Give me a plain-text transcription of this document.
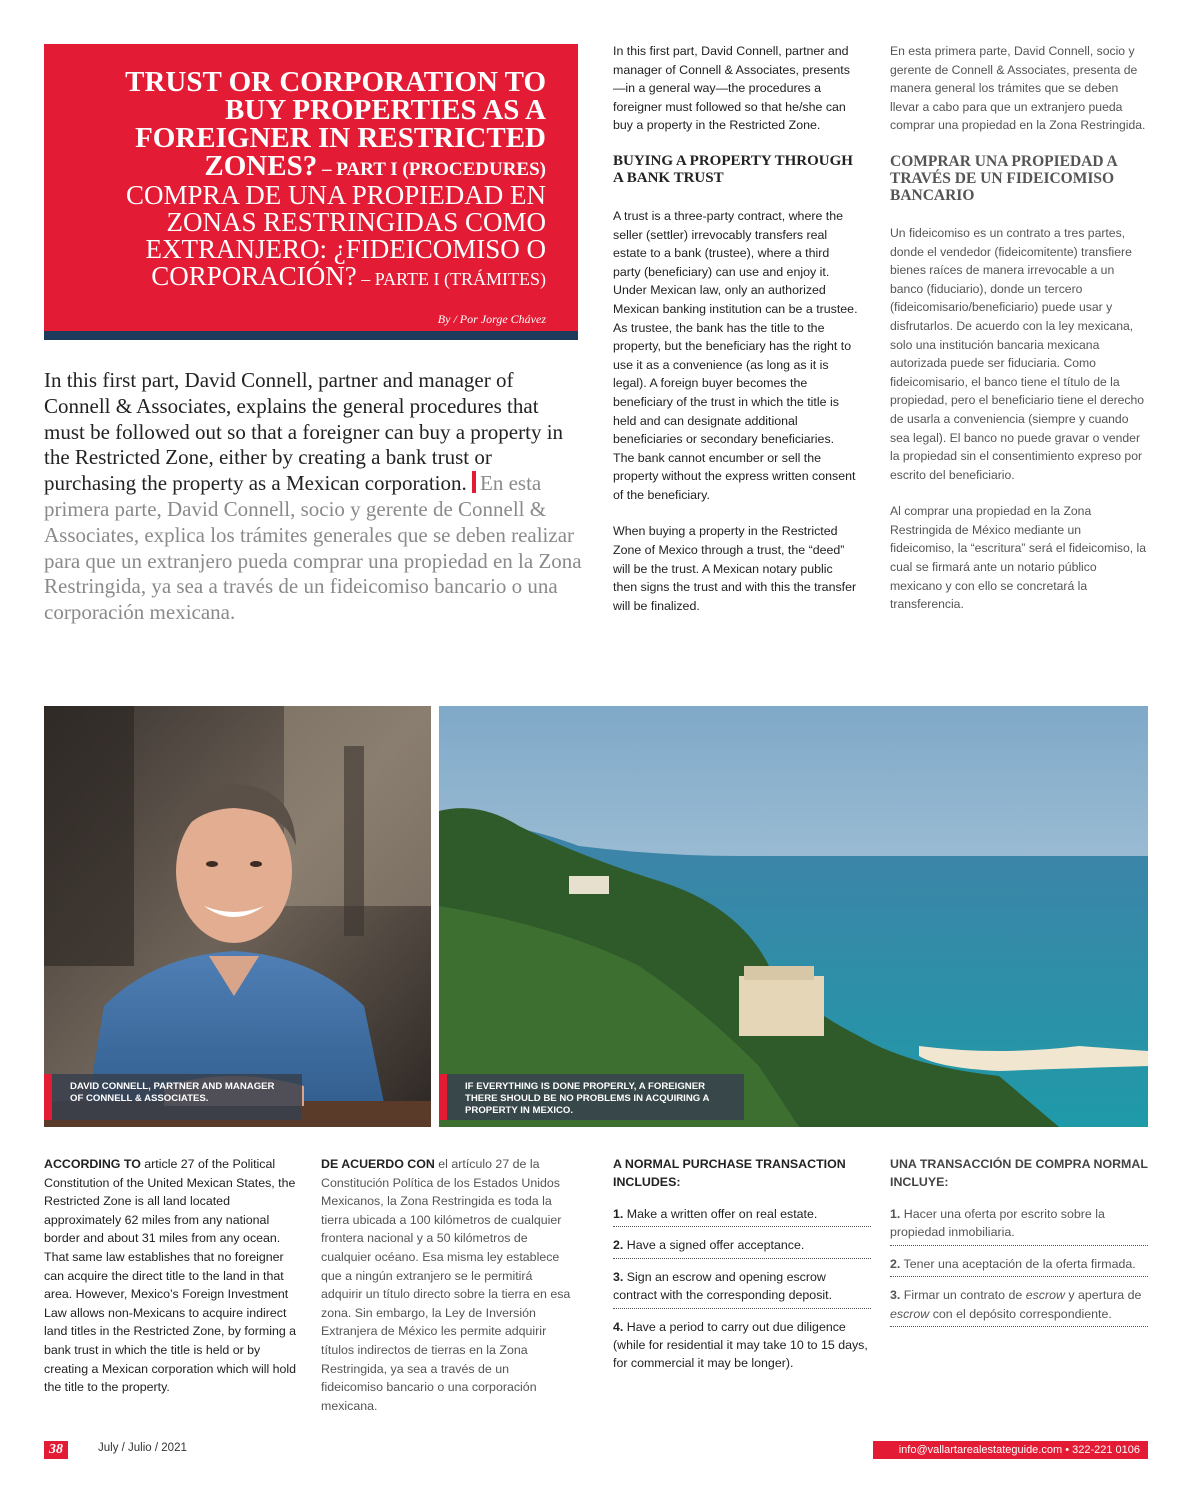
TRUST OR CORPORATION TO BUY PROPERTIES AS A FOREIGNER IN RESTRICTED ZONES? – PART I (PROCEDURES)
COMPRA DE UNA PROPIEDAD EN ZONAS RESTRINGIDAS COMO EXTRANJERO: ¿FIDEICOMISO O CORPORACIÓN? – PARTE I (TRÁMITES)

By / Por Jorge Chávez

In this first part, David Connell, partner and manager of Connell & Associates, explains the general procedures that must be followed out so that a foreigner can buy a property in the Restricted Zone, either by creating a bank trust or purchasing the property as a Mexican corporation. En esta primera parte, David Connell, socio y gerente de Connell & Associates, explica los trámites generales que se deben realizar para que un extranjero pueda comprar una propiedad en la Zona Restringida, ya sea a través de un fideicomiso bancario o una corporación mexicana.

In this first part, David Connell, partner and manager of Connell & Associates, presents—in a general way—the procedures a foreigner must followed so that he/she can buy a property in the Restricted Zone.

BUYING A PROPERTY THROUGH A BANK TRUST

A trust is a three-party contract, where the seller (settler) irrevocably transfers real estate to a bank (trustee), where a third party (beneficiary) can use and enjoy it. Under Mexican law, only an authorized Mexican banking institution can be a trustee. As trustee, the bank has the title to the property, but the beneficiary has the right to use it as a convenience (as long as it is legal). A foreign buyer becomes the beneficiary of the trust in which the title is held and can designate additional beneficiaries or secondary beneficiaries. The bank cannot encumber or sell the property without the express written consent of the beneficiary.

When buying a property in the Restricted Zone of Mexico through a trust, the “deed” will be the trust. A Mexican notary public then signs the trust and with this the transfer will be finalized.

En esta primera parte, David Connell, socio y gerente de Connell & Associates, presenta de manera general los trámites que se deben llevar a cabo para que un extranjero pueda comprar una propiedad en la Zona Restringida.

COMPRAR UNA PROPIEDAD A TRAVÉS DE UN FIDEICOMISO BANCARIO

Un fideicomiso es un contrato a tres partes, donde el vendedor (fideicomitente) transfiere bienes raíces de manera irrevocable a un banco (fiduciario), donde un tercero (fideicomisario/beneficiario) puede usar y disfrutarlos. De acuerdo con la ley mexicana, solo una institución bancaria mexicana autorizada puede ser fiduciaria. Como fideicomisario, el banco tiene el título de la propiedad, pero el beneficiario tiene el derecho de usarla a conveniencia (siempre y cuando sea legal). El banco no puede gravar o vender la propiedad sin el consentimiento expreso por escrito del beneficiario.

Al comprar una propiedad en la Zona Restringida de México mediante un fideicomiso, la “escritura” será el fideicomiso, la cual se firmará ante un notario público mexicano y con ello se concretará la transferencia.

DAVID CONNELL, PARTNER AND MANAGER OF CONNELL & ASSOCIATES.
IF EVERYTHING IS DONE PROPERLY, A FOREIGNER THERE SHOULD BE NO PROBLEMS IN ACQUIRING A PROPERTY IN MEXICO.

ACCORDING TO article 27 of the Political Constitution of the United Mexican States, the Restricted Zone is all land located approximately 62 miles from any national border and about 31 miles from any ocean. That same law establishes that no foreigner can acquire the direct title to the land in that area. However, Mexico’s Foreign Investment Law allows non-Mexicans to acquire indirect land titles in the Restricted Zone, by forming a bank trust in which the title is held or by creating a Mexican corporation which will hold the title to the property.

DE ACUERDO CON el artículo 27 de la Constitución Política de los Estados Unidos Mexicanos, la Zona Restringida es toda la tierra ubicada a 100 kilómetros de cualquier frontera nacional y a 50 kilómetros de cualquier océano. Esa misma ley establece que a ningún extranjero se le permitirá adquirir un título directo sobre la tierra en esa zona. Sin embargo, la Ley de Inversión Extranjera de México les permite adquirir títulos indirectos de tierras en la Zona Restringida, ya sea a través de un fideicomiso bancario o una corporación mexicana.

A NORMAL PURCHASE TRANSACTION INCLUDES:

1. Make a written offer on real estate.
2. Have a signed offer acceptance.
3. Sign an escrow and opening escrow contract with the corresponding deposit.
4. Have a period to carry out due diligence (while for residential it may take 10 to 15 days, for commercial it may be longer).

UNA TRANSACCIÓN DE COMPRA NORMAL INCLUYE:

1. Hacer una oferta por escrito sobre la propiedad inmobiliaria.
2. Tener una aceptación de la oferta firmada.
3. Firmar un contrato de escrow y apertura de escrow con el depósito correspondiente.
38	July / Julio / 2021	info@vallartarealestateguide.com • 322-221 0106
